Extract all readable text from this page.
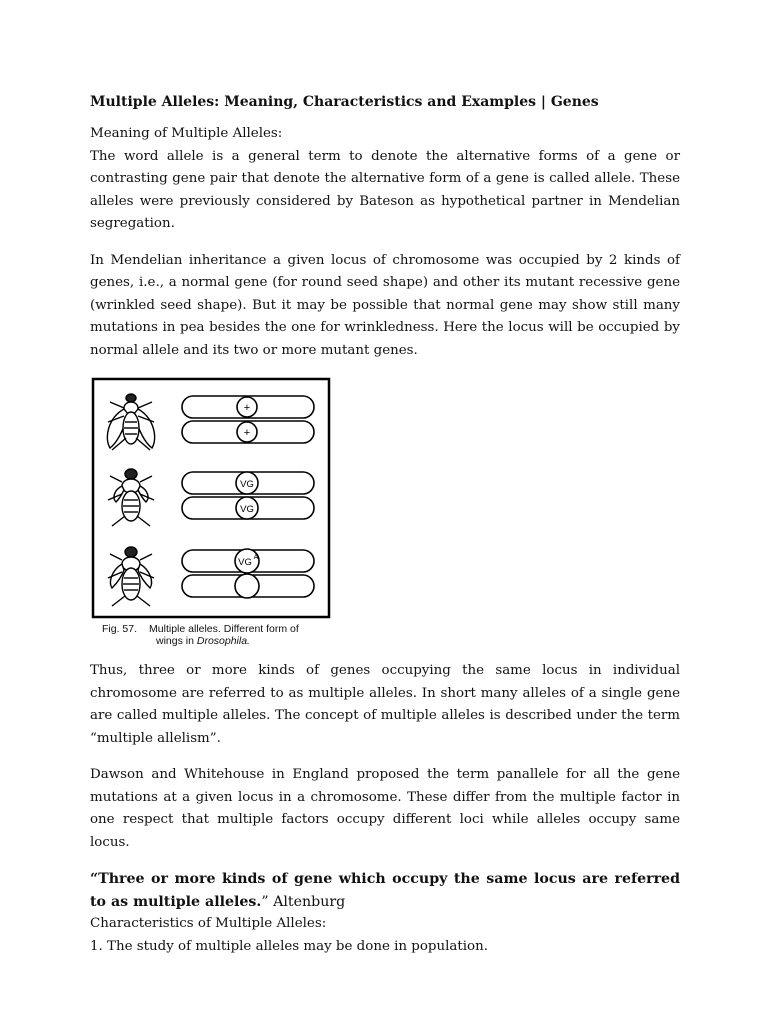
Multiple Alleles: Meaning, Characteristics and Examples | Genes

Meaning of Multiple Alleles:

The word allele is a general term to denote the alternative forms of a gene or contrasting gene pair that denote the alternative form of a gene is called allele. These alleles were previously considered by Bateson as hypothetical partner in Mendelian segregation.

In Mendelian inheritance a given locus of chromosome was occupied by 2 kinds of genes, i.e., a normal gene (for round seed shape) and other its mutant recessive gene (wrinkled seed shape). But it may be possible that normal gene may show still many mutations in pea besides the one for wrinkledness. Here the locus will be occupied by normal allele and its two or more mutant genes.

+
+
VG
VG
VG A
Fig. 57. Multiple alleles. Different form of
wings in Drosophila.

Thus, three or more kinds of genes occupying the same locus in individual chromosome are referred to as multiple alleles. In short many alleles of a single gene are called multiple alleles. The concept of multiple alleles is described under the term “multiple allelism”.

Dawson and Whitehouse in England proposed the term panallele for all the gene mutations at a given locus in a chromosome. These differ from the multiple factor in one respect that multiple factors occupy different loci while alleles occupy same locus.

“Three or more kinds of gene which occupy the same locus are referred to as multiple alleles.” Altenburg

Characteristics of Multiple Alleles:

1. The study of multiple alleles may be done in population.
